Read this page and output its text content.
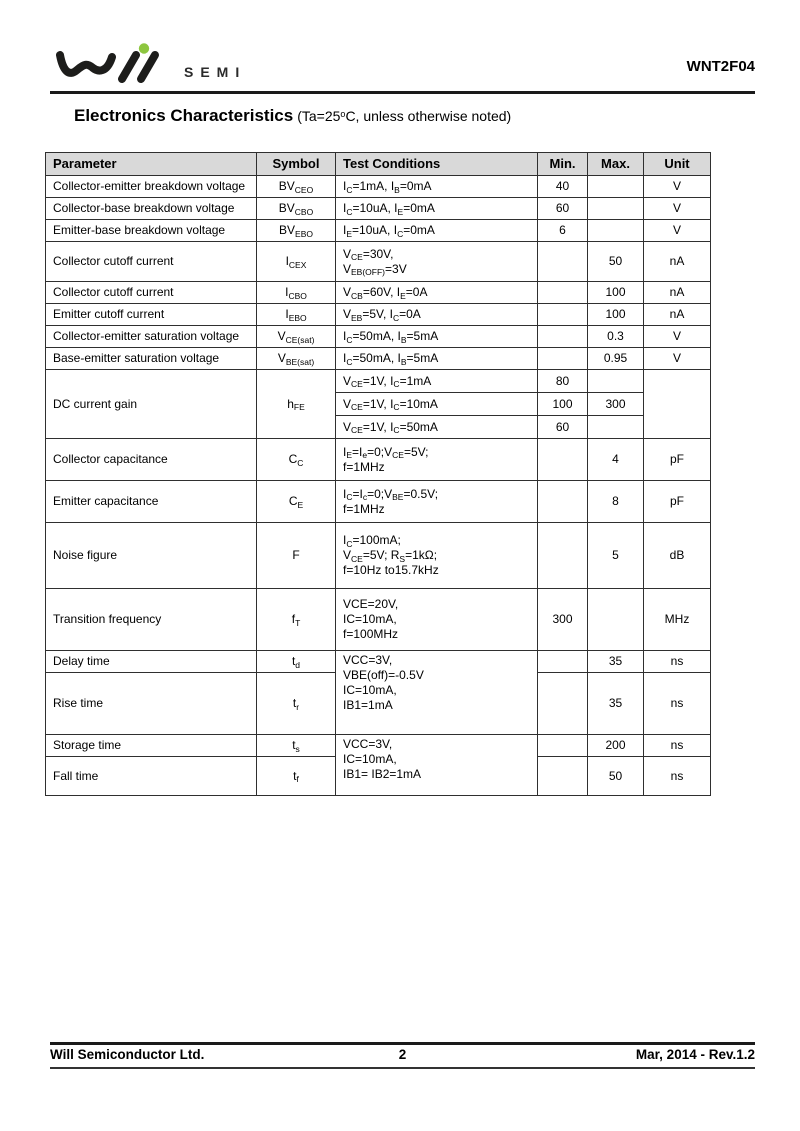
SEMI	WNT2F04
Electronics Characteristics ($Ta=25^oC$, unless otherwise noted)
Parameter	Symbol	Test Conditions	Min.	Max.	Unit
Collector-emitter breakdown voltage	$BV_{CEO}$	$I_C=1mA$, $I_B=0mA$	40		V
Collector-base breakdown voltage	$BV_{CBO}$	$I_C=10uA$, $I_E=0mA$	60		V
Emitter-base breakdown voltage	$BV_{EBO}$	$I_E=10uA$, $I_C=0mA$	6		V
Collector cutoff current	$I_{CEX}$	$V_{CE}=30V$,
$V_{EB(OFF)}=3V$		50	nA
Collector cutoff current	$I_{CBO}$	$V_{CB}=60V$, $I_E=0A$		100	nA
Emitter cutoff current	$I_{EBO}$	$V_{EB}=5V$, $I_C=0A$		100	nA
Collector-emitter saturation voltage	$V_{CE(sat)}$	$I_C=50mA$, $I_B=5mA$		0.3	V
Base-emitter saturation voltage	$V_{BE(sat)}$	$I_C=50mA$, $I_B=5mA$		0.95	V
DC current gain	$h_{FE}$	$V_{CE}=1V$, $I_C=1mA$	80		
		$V_{CE}=1V$, $I_C=10mA$	100	300	
		$V_{CE}=1V$, $I_C=50mA$	60		
Collector capacitance	$C_C$	$I_E=I_e=0;V_{CE}=5V$;
f=1MHz		4	pF
Emitter capacitance	$C_E$	$I_C=I_c=0;V_{BE}=0.5V$;
f=1MHz		8	pF
Noise figure	F	$I_C=100mA$;
$V_{CE}=5V$; $R_S=1k\Omega$;
f=10Hz to15.7kHz		5	dB
Transition frequency	$f_T$	VCE=20V,
IC=10mA,
f=100MHz	300		MHz
Delay time	$t_d$	VCC=3V,
VBE(off)=-0.5V
IC=10mA,
IB1=1mA		35	ns
Rise time	$t_r$			35	ns
Storage time	$t_s$	VCC=3V,
IC=10mA,
IB1= IB2=1mA		200	ns
Fall time	$t_f$			50	ns
Will Semiconductor Ltd.	2	Mar, 2014 - Rev.1.2
